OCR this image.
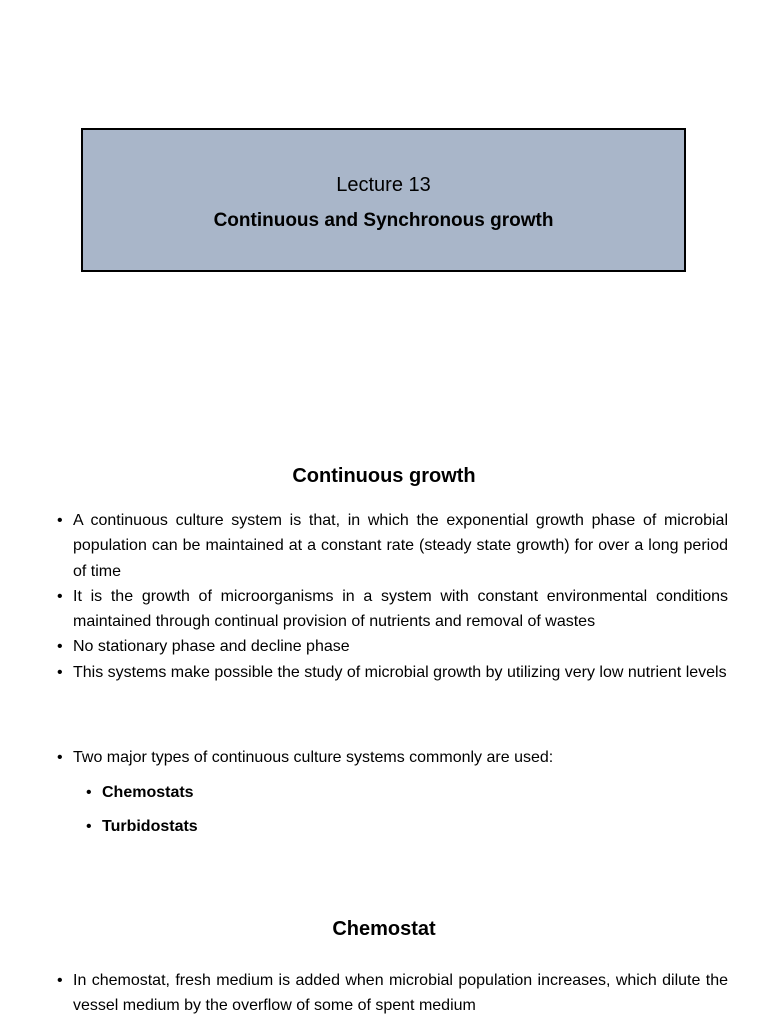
Lecture 13
Continuous and Synchronous growth
Continuous growth
• A continuous culture system is that, in which the exponential growth phase of microbial population can be maintained at a constant rate (steady state growth) for over a long period of time
• It is the growth of microorganisms in a system with constant environmental conditions maintained through continual provision of nutrients and removal of wastes
• No stationary phase and decline phase
• This systems make possible the study of microbial growth by utilizing very low nutrient levels
• Two major types of continuous culture systems commonly are used:
• Chemostats
• Turbidostats
Chemostat
• In chemostat, fresh medium is added when microbial population increases, which dilute the vessel medium by the overflow of some of spent medium
